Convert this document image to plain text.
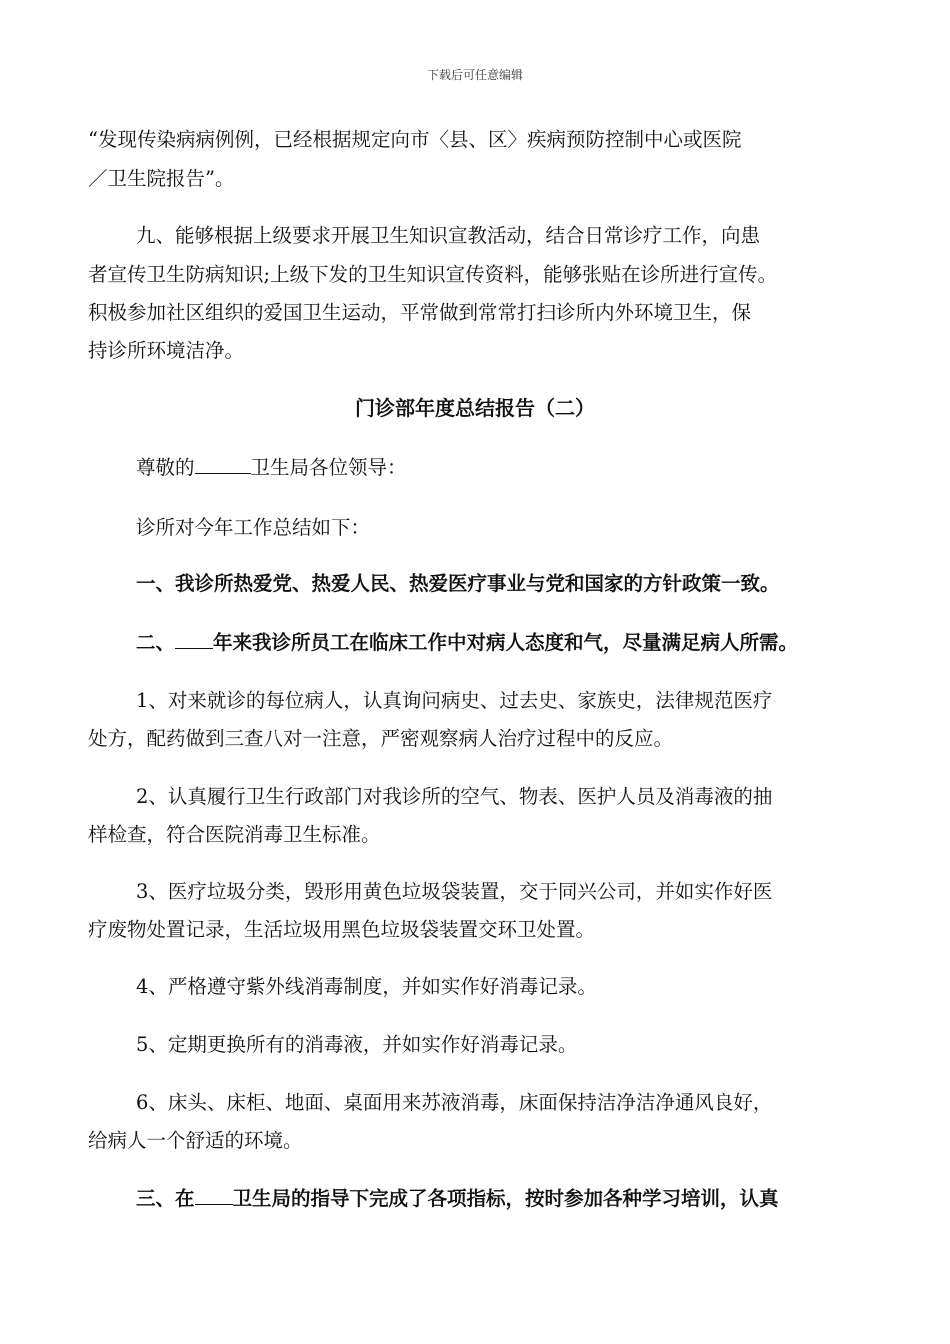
下载后可任意编辑
“发现传染病病例例，已经根据规定向市〈县、区〉疾病预防控制中心或医院
／卫生院报告”。
九、能够根据上级要求开展卫生知识宣教活动，结合日常诊疗工作，向患
者宣传卫生防病知识;上级下发的卫生知识宣传资料，能够张贴在诊所进行宣传。
积极参加社区组织的爱国卫生运动，平常做到常常打扫诊所内外环境卫生，保
持诊所环境洁净。
门诊部年度总结报告（二）
尊敬的	卫生局各位领导：
诊所对今年工作总结如下：
一、我诊所热爱党、热爱人民、热爱医疗事业与党和国家的方针政策一致。
二、 年来我诊所员工在临床工作中对病人态度和气，尽量满足病人所需。
1、对来就诊的每位病人，认真询问病史、过去史、家族史，法律规范医疗
处方，配药做到三查八对一注意，严密观察病人治疗过程中的反应。
2、认真履行卫生行政部门对我诊所的空气、物表、医护人员及消毒液的抽
样检查，符合医院消毒卫生标准。
3、医疗垃圾分类，毁形用黄色垃圾袋装置，交于同兴公司，并如实作好医
疗废物处置记录，生活垃圾用黑色垃圾袋装置交环卫处置。
4、严格遵守紫外线消毒制度，并如实作好消毒记录。
5、定期更换所有的消毒液，并如实作好消毒记录。
6、床头、床柜、地面、桌面用来苏液消毒，床面保持洁净洁净通风良好，
给病人一个舒适的环境。
三、在 卫生局的指导下完成了各项指标，按时参加各种学习培训，认真
